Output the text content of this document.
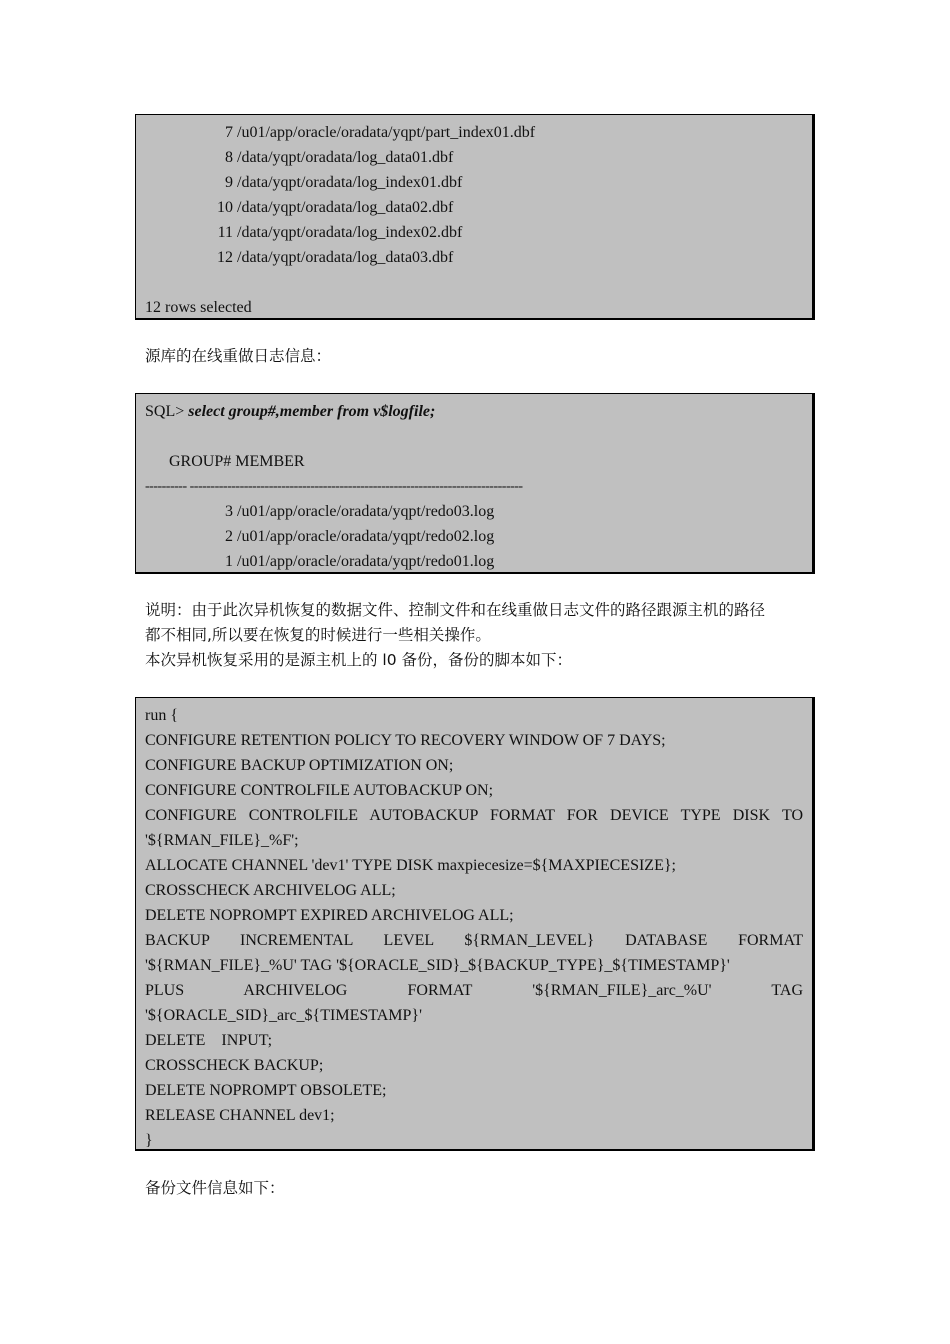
7 /u01/app/oracle/oradata/yqpt/part_index01.dbf
8 /data/yqpt/oradata/log_data01.dbf
9 /data/yqpt/oradata/log_index01.dbf
10 /data/yqpt/oradata/log_data02.dbf
11 /data/yqpt/oradata/log_index02.dbf
12 /data/yqpt/oradata/log_data03.dbf
12 rows selected

源库的在线重做日志信息：

SQL> select group#,member from v$logfile;
GROUP# MEMBER
---------- --------------------------------------------------------------------------------
3 /u01/app/oracle/oradata/yqpt/redo03.log
2 /u01/app/oracle/oradata/yqpt/redo02.log
1 /u01/app/oracle/oradata/yqpt/redo01.log

说明：由于此次异机恢复的数据文件、控制文件和在线重做日志文件的路径跟源主机的路径

都不相同,所以要在恢复的时候进行一些相关操作。

本次异机恢复采用的是源主机上的 l0 备份，备份的脚本如下：

run {
CONFIGURE RETENTION POLICY TO RECOVERY WINDOW OF 7 DAYS;
CONFIGURE BACKUP OPTIMIZATION ON;
CONFIGURE CONTROLFILE AUTOBACKUP ON;
CONFIGURE CONTROLFILE AUTOBACKUP FORMAT FOR DEVICE TYPE DISK TO
'${RMAN_FILE}_%F';
ALLOCATE CHANNEL 'dev1' TYPE DISK maxpiecesize=${MAXPIECESIZE};
CROSSCHECK ARCHIVELOG ALL;
DELETE NOPROMPT EXPIRED ARCHIVELOG ALL;
BACKUP INCREMENTAL LEVEL ${RMAN_LEVEL} DATABASE FORMAT
'${RMAN_FILE}_%U' TAG '${ORACLE_SID}_${BACKUP_TYPE}_${TIMESTAMP}'
PLUS ARCHIVELOG FORMAT '${RMAN_FILE}_arc_%U' TAG
'${ORACLE_SID}_arc_${TIMESTAMP}'
DELETE    INPUT;
CROSSCHECK BACKUP;
DELETE NOPROMPT OBSOLETE;
RELEASE CHANNEL dev1;
}

备份文件信息如下：
